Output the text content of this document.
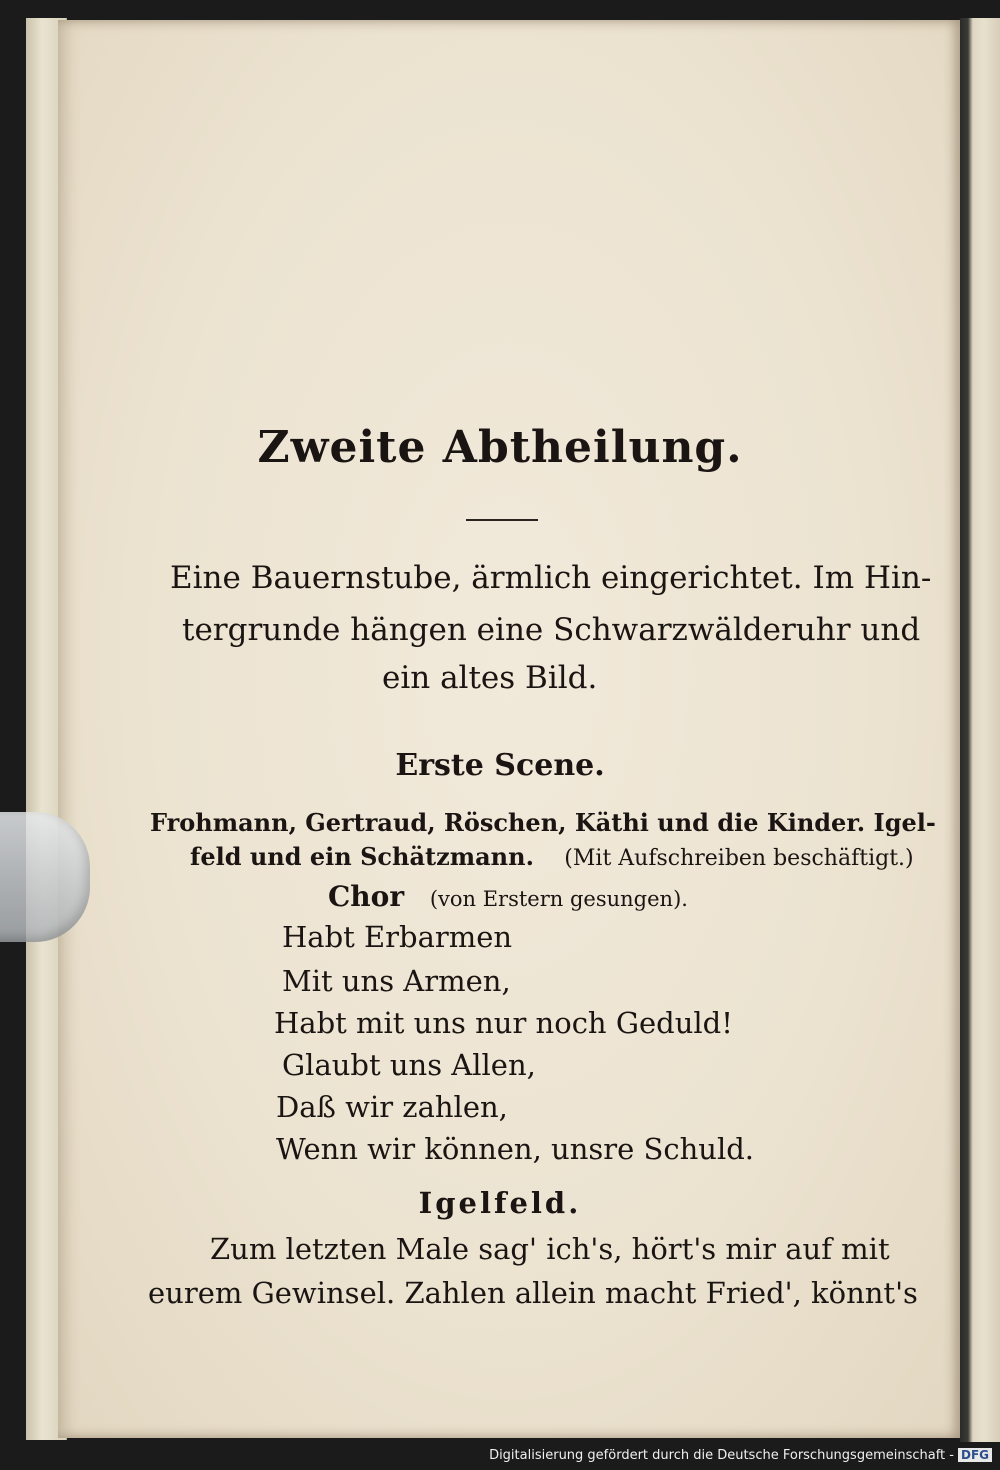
Zweite Abtheilung.
Eine Bauernstube, ärmlich eingerichtet. Im Hin-
tergrunde hängen eine Schwarzwälderuhr und
ein altes Bild.
Erste Scene.
Frohmann, Gertraud, Röschen, Käthi und die Kinder. Igel-
feld und ein Schätzmann. (Mit Aufschreiben beschäftigt.)
Chor (von Erstern gesungen).
Habt Erbarmen
Mit uns Armen,
Habt mit uns nur noch Geduld!
Glaubt uns Allen,
Daß wir zahlen,
Wenn wir können, unsre Schuld.
Igelfeld.
Zum letzten Male sag' ich's, hört's mir auf mit
eurem Gewinsel. Zahlen allein macht Fried', könnt's
Digitalisierung gefördert durch die Deutsche Forschungsgemeinschaft - DFG
